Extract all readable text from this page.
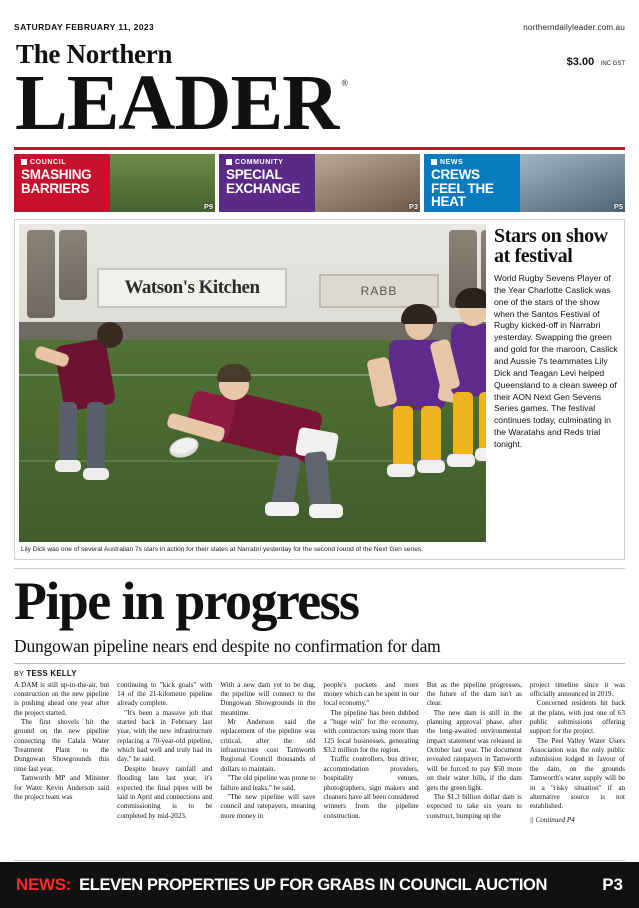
SATURDAY FEBRUARY 11, 2023	northerndailyleader.com.au
The Northern
LEADER ®
$3.00 INC GST
COUNCIL
SMASHING BARRIERS
P9
COMMUNITY
SPECIAL EXCHANGE
P3
NEWS
CREWS FEEL THE HEAT	P5
Watson's Kitchen	RABB
Lily Dick was one of several Australian 7s stars in action for their states at Narrabri yesterday for the second round of the Next Gen series.
Stars on show at festival

World Rugby Sevens Player of the Year Charlotte Caslick was one of the stars of the show when the Santos Festival of Rugby kicked-off in Narrabri yesterday. Swapping the green and gold for the maroon, Caslick and Aussie 7s teammates Lily Dick and Teagan Levi helped Queensland to a clean sweep of their AON Next Gen Sevens Series games. The festival continues today, culminating in the Waratahs and Reds trial tonight.

Pipe in progress
Dungowan pipeline nears end despite no confirmation for dam
BY TESS KELLY

A DAM is still up-in-the-air, but construction on the new pipeline is pushing ahead one year after the project started.

The first shovels hit the ground on the new pipeline connecting the Calala Water Treatment Plant to the Dungowan Showgrounds this time last year.

Tamworth MP and Minister for Water Kevin Anderson said the project team was

continuing to "kick goals" with 14 of the 21-kilometre pipeline already complete.

"It's been a massive job that started back in February last year, with the new infrastructure replacing a 70-year-old pipeline, which had well and truly had its day," he said.

Despite heavy rainfall and flooding late last year, it's expected the final pipes will be laid in April and connections and commissioning is to be completed by mid-2023.

With a new dam yet to be dug, the pipeline will connect to the Dungowan Showgrounds in the meantime.

Mr Anderson said the replacement of the pipeline was critical, after the old infrastructure cost Tamworth Regional Council thousands of dollars to maintain.

"The old pipeline was prone to failure and leaks," he said.

"The new pipeline will save council and ratepayers, meaning more money in

people's pockets and more money which can be spent in our local economy."

The pipeline has been dubbed a "huge win" for the economy, with contractors using more than 125 local businesses, generating $3.2 million for the region.

Traffic controllers, bus driver, accommodation providers, hospitality venues, photographers, sign makers and cleaners have all been considered winners from the pipeline construction.

But as the pipeline progresses, the future of the dam isn't as clear.

The new dam is still in the planning approval phase, after the long-awaited environmental impact statement was released in October last year. The document revealed ratepayers in Tamworth will be forced to pay $50 more on their water bills, if the dam gets the green light.

The $1.3 billion dollar dam is expected to take six years to construct, bumping up the

project timeline since it was officially announced in 2019.

Concerned residents hit back at the plans, with just one of 63 public submissions offering support for the project.

The Peel Valley Water Users Association was the only public submission lodged in favour of the dam, on the grounds Tamworth's water supply will be in a "risky situation" if an alternative source is not established.

|| Continued P4

NEWS: ELEVEN PROPERTIES UP FOR GRABS IN COUNCIL AUCTION	P3
